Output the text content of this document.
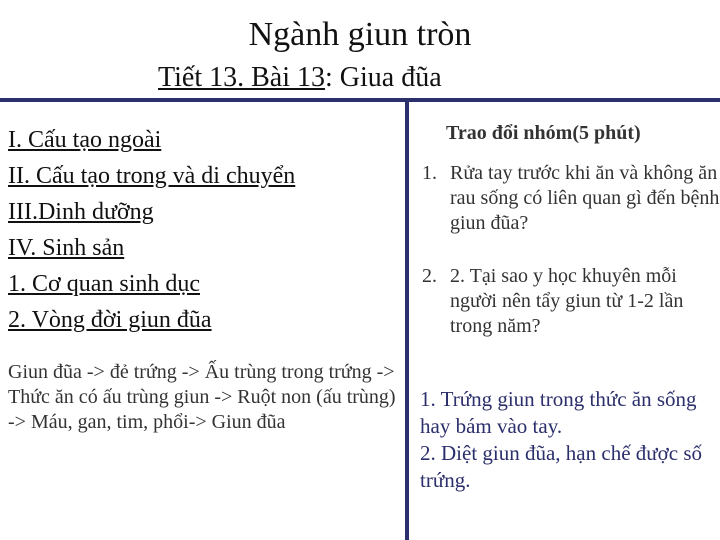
Ngành giun tròn
Tiết 13. Bài 13: Giua đũa
I. Cấu tạo ngoài
II. Cấu tạo trong và di chuyển
III.Dinh dưỡng
IV. Sinh sản
1. Cơ quan sinh dục
2. Vòng đời giun đũa
Giun đũa -> đẻ trứng -> Ấu trùng trong trứng -> Thức ăn có ấu trùng giun -> Ruột non (ấu trùng) -> Máu, gan, tim, phổi-> Giun đũa
Trao đổi nhóm(5 phút)
1. Rửa tay trước khi ăn và không ăn rau sống có liên quan gì đến bệnh giun đũa?
2. 2. Tại sao y học khuyên mỗi người nên tẩy giun từ 1-2 lần trong năm?
1. Trứng giun trong thức ăn sống hay bám vào tay.
2. Diệt giun đũa, hạn chế được số trứng.
